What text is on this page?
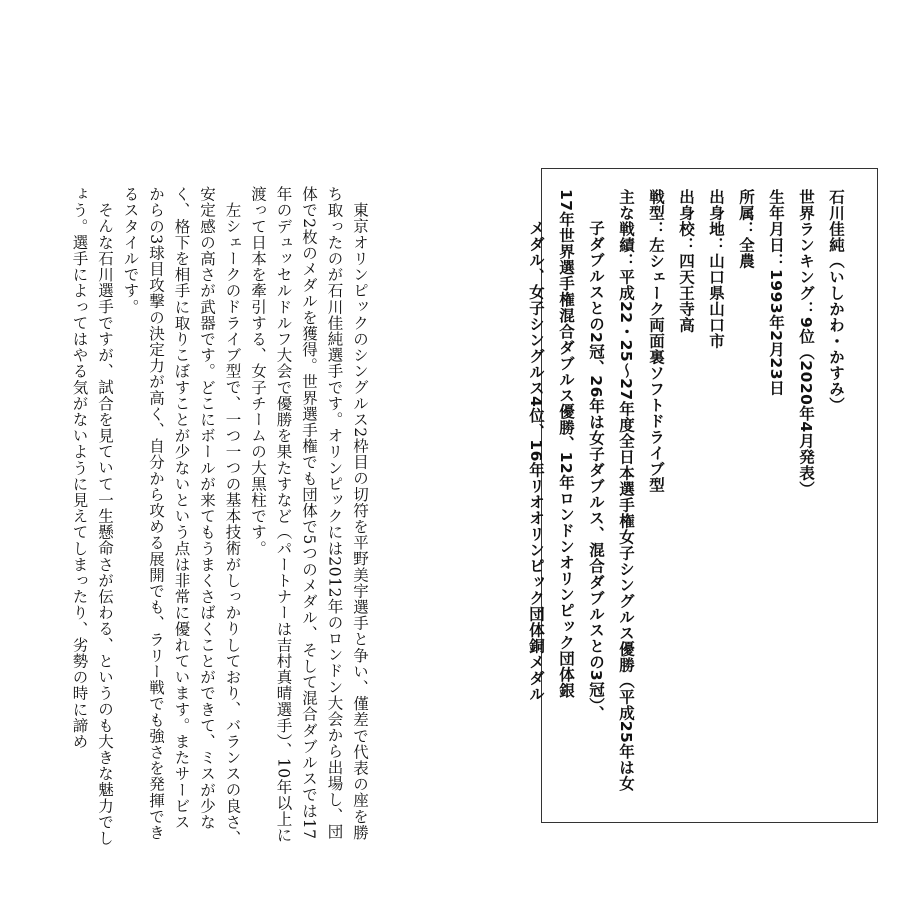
石川佳純（いしかわ・かすみ）
世界ランキング：9位（2020年4月発表）
生年月日：1993年2月23日
所属：全農
出身地：山口県山口市
出身校：四天王寺高
戦型：左シェーク両面裏ソフトドライブ型
主な戦績：平成22・25～27年度全日本選手権女子シングルス優勝（平成25年は女
子ダブルスとの2冠、26年は女子ダブルス、混合ダブルスとの3冠）、
17年世界選手権混合ダブルス優勝、12年ロンドンオリンピック団体銀
メダル、女子シングルス4位、16年リオオリンピック団体銅メダル

東京オリンピックのシングルス2枠目の切符を平野美宇選手と争い、僅差で代表の座を勝ち取ったのが石川佳純選手です。オリンピックには2012年のロンドン大会から出場し、団体で2枚のメダルを獲得。世界選手権でも団体で5つのメダル、そして混合ダブルスでは17年のデュッセルドルフ大会で優勝を果たすなど（パートナーは吉村真晴選手）、10年以上に渡って日本を牽引する、女子チームの大黒柱です。

左シェークのドライブ型で、一つ一つの基本技術がしっかりしており、バランスの良さ、安定感の高さが武器です。どこにボールが来てもうまくさばくことができて、ミスが少なく、格下を相手に取りこぼすことが少ないという点は非常に優れています。またサービスからの3球目攻撃の決定力が高く、自分から攻める展開でも、ラリー戦でも強さを発揮できるスタイルです。

そんな石川選手ですが、試合を見ていて一生懸命さが伝わる、というのも大きな魅力でしょう。選手によってはやる気がないように見えてしまったり、劣勢の時に諦め
